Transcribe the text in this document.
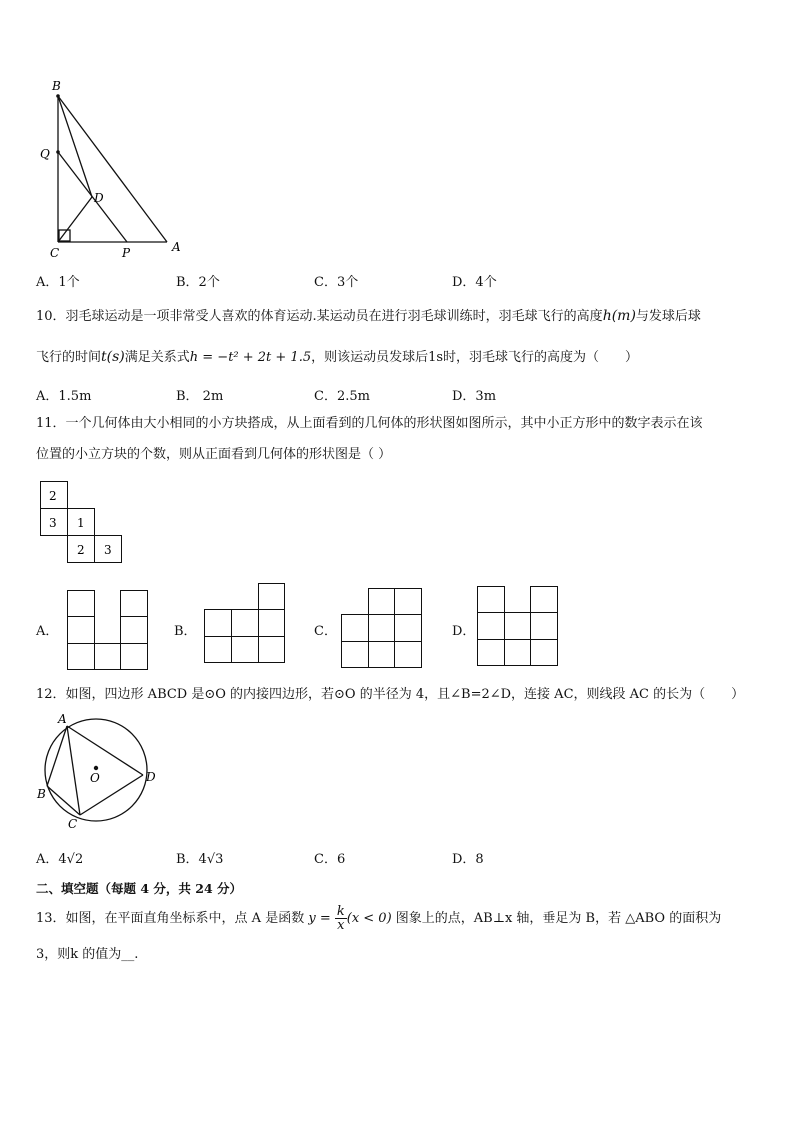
B
Q
D
C	P	A
A．1个	B．2个	C．3个	D．4个
10．羽毛球运动是一项非常受人喜欢的体育运动.某运动员在进行羽毛球训练时，羽毛球飞行的高度h(m)与发球后球
飞行的时间t(s)满足关系式h = −t² + 2t + 1.5，则该运动员发球后1s时，羽毛球飞行的高度为（　　）
A．1.5m	B． 2m	C．2.5m	D．3m
11．一个几何体由大小相同的小方块搭成，从上面看到的几何体的形状图如图所示，其中小正方形中的数字表示在该
位置的小立方块的个数，则从正面看到几何体的形状图是（ ）
2
3 1
2 3
A．	B．	C．	D．
12．如图，四边形 ABCD 是⊙O 的内接四边形，若⊙O 的半径为 4，且∠B=2∠D，连接 AC，则线段 AC 的长为（　　）
A
O	D
B
C
A．4√2	B．4√3	C．6	D．8
二、填空题（每题 4 分，共 24 分）
13．如图，在平面直角坐标系中，点 A 是函数 $y = \frac{k}{x} (x < 0)$ 图象上的点，AB⊥x 轴，垂足为 B，若 △ABO 的面积为
3，则k 的值为__.
